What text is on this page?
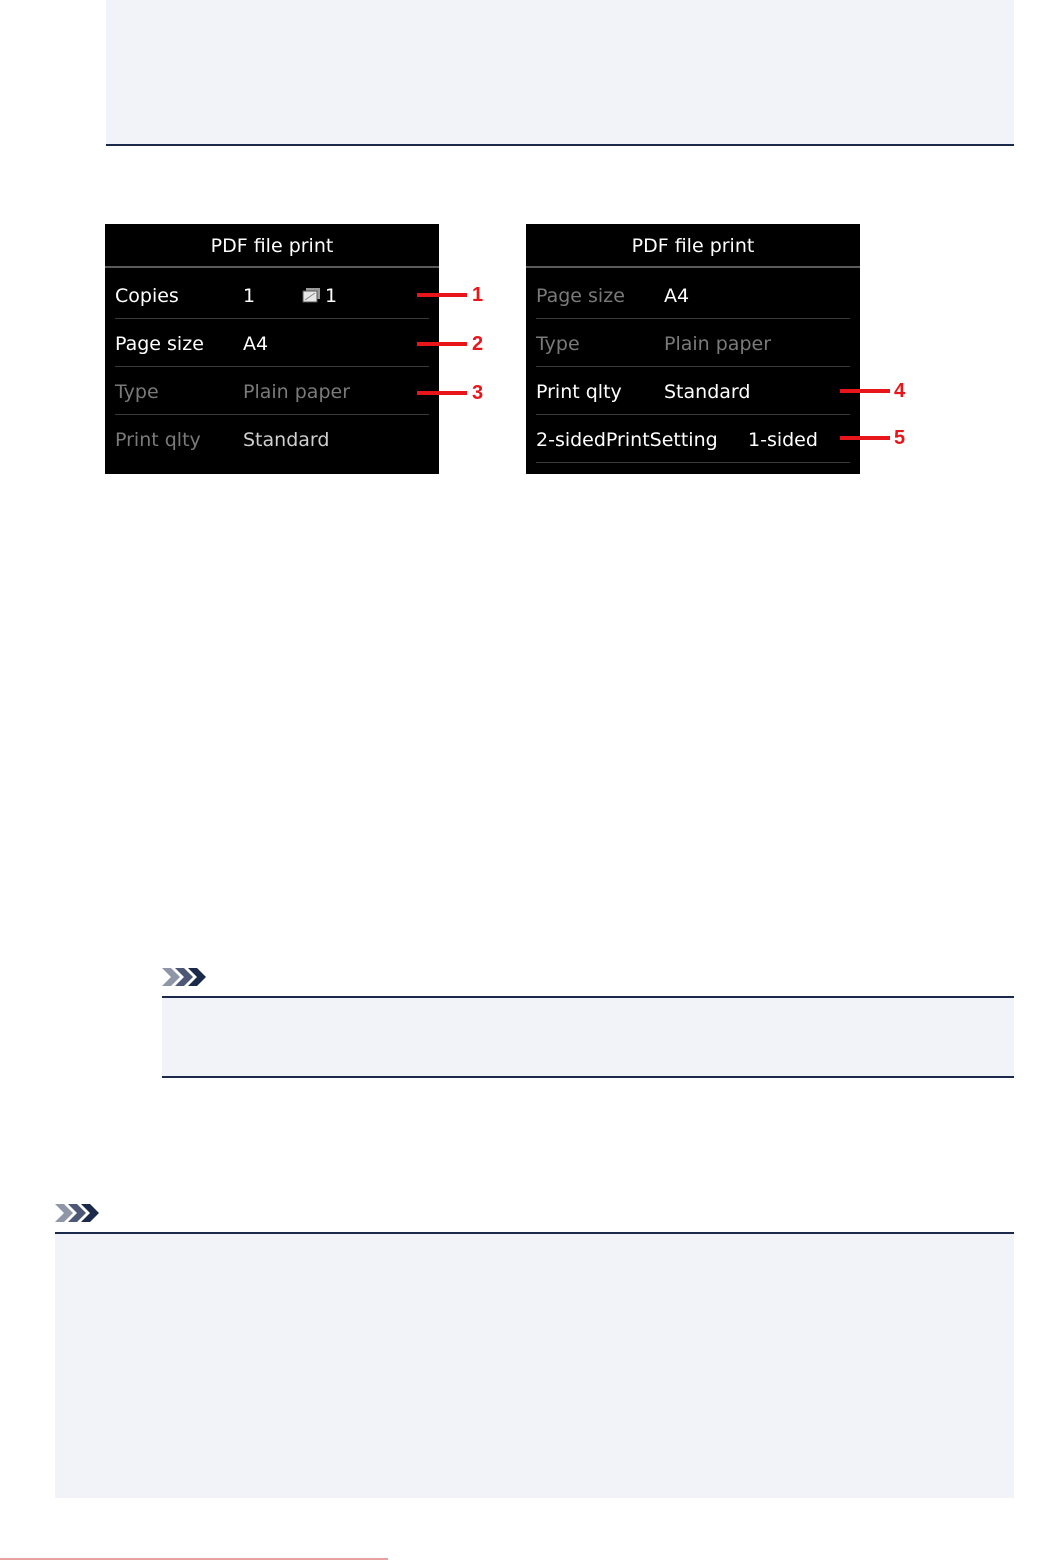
PDF file print
Copies	1	1
Page size A4
Type	Plain paper
Print qlty Standard
PDF file print
Page size A4
Type	Plain paper
Print qlty Standard
2-sidedPrintSetting 1-sided
1
2
3	4
5
